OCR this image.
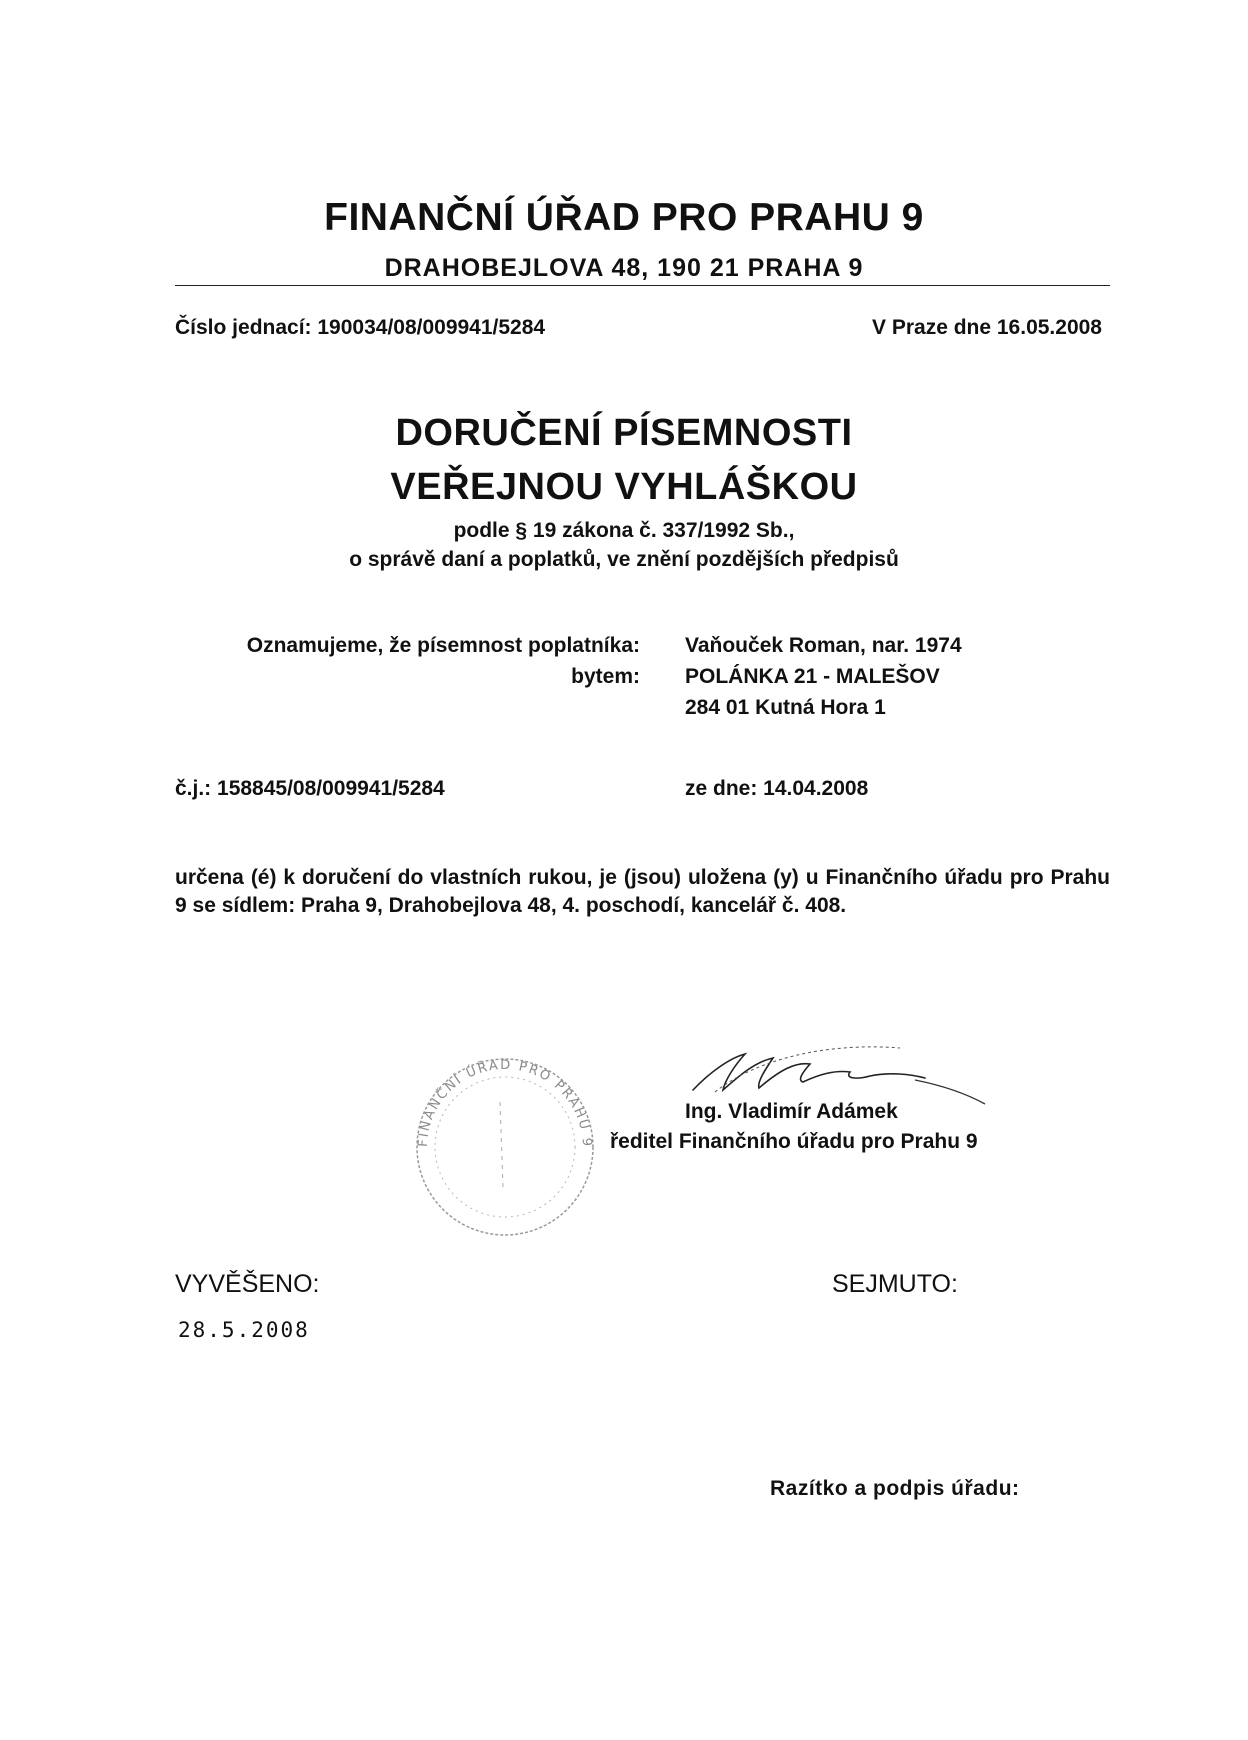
FINANČNÍ ÚŘAD PRO PRAHU 9
DRAHOBEJLOVA 48, 190 21 PRAHA 9
Číslo jednací: 190034/08/009941/5284	V Praze dne 16.05.2008
DORUČENÍ PÍSEMNOSTI
VEŘEJNOU VYHLÁŠKOU
podle § 19 zákona č. 337/1992 Sb.,
o správě daní a poplatků, ve znění pozdějších předpisů
Oznamujeme, že písemnost poplatníka:
bytem:
Vaňouček Roman, nar. 1974
POLÁNKA 21 - MALEŠOV
284 01 Kutná Hora 1
č.j.: 158845/08/009941/5284	ze dne: 14.04.2008
určena (é) k doručení do vlastních rukou, je (jsou) uložena (y) u Finančního úřadu pro Prahu 9 se sídlem: Praha 9, Drahobejlova 48, 4. poschodí, kancelář č. 408.
FINANČNÍ ÚŘAD PRO PRAHU 9
Ing. Vladimír Adámek
ředitel Finančního úřadu pro Prahu 9
VYVĚŠENO:
28.5.2008
SEJMUTO:
Razítko a podpis úřadu:
